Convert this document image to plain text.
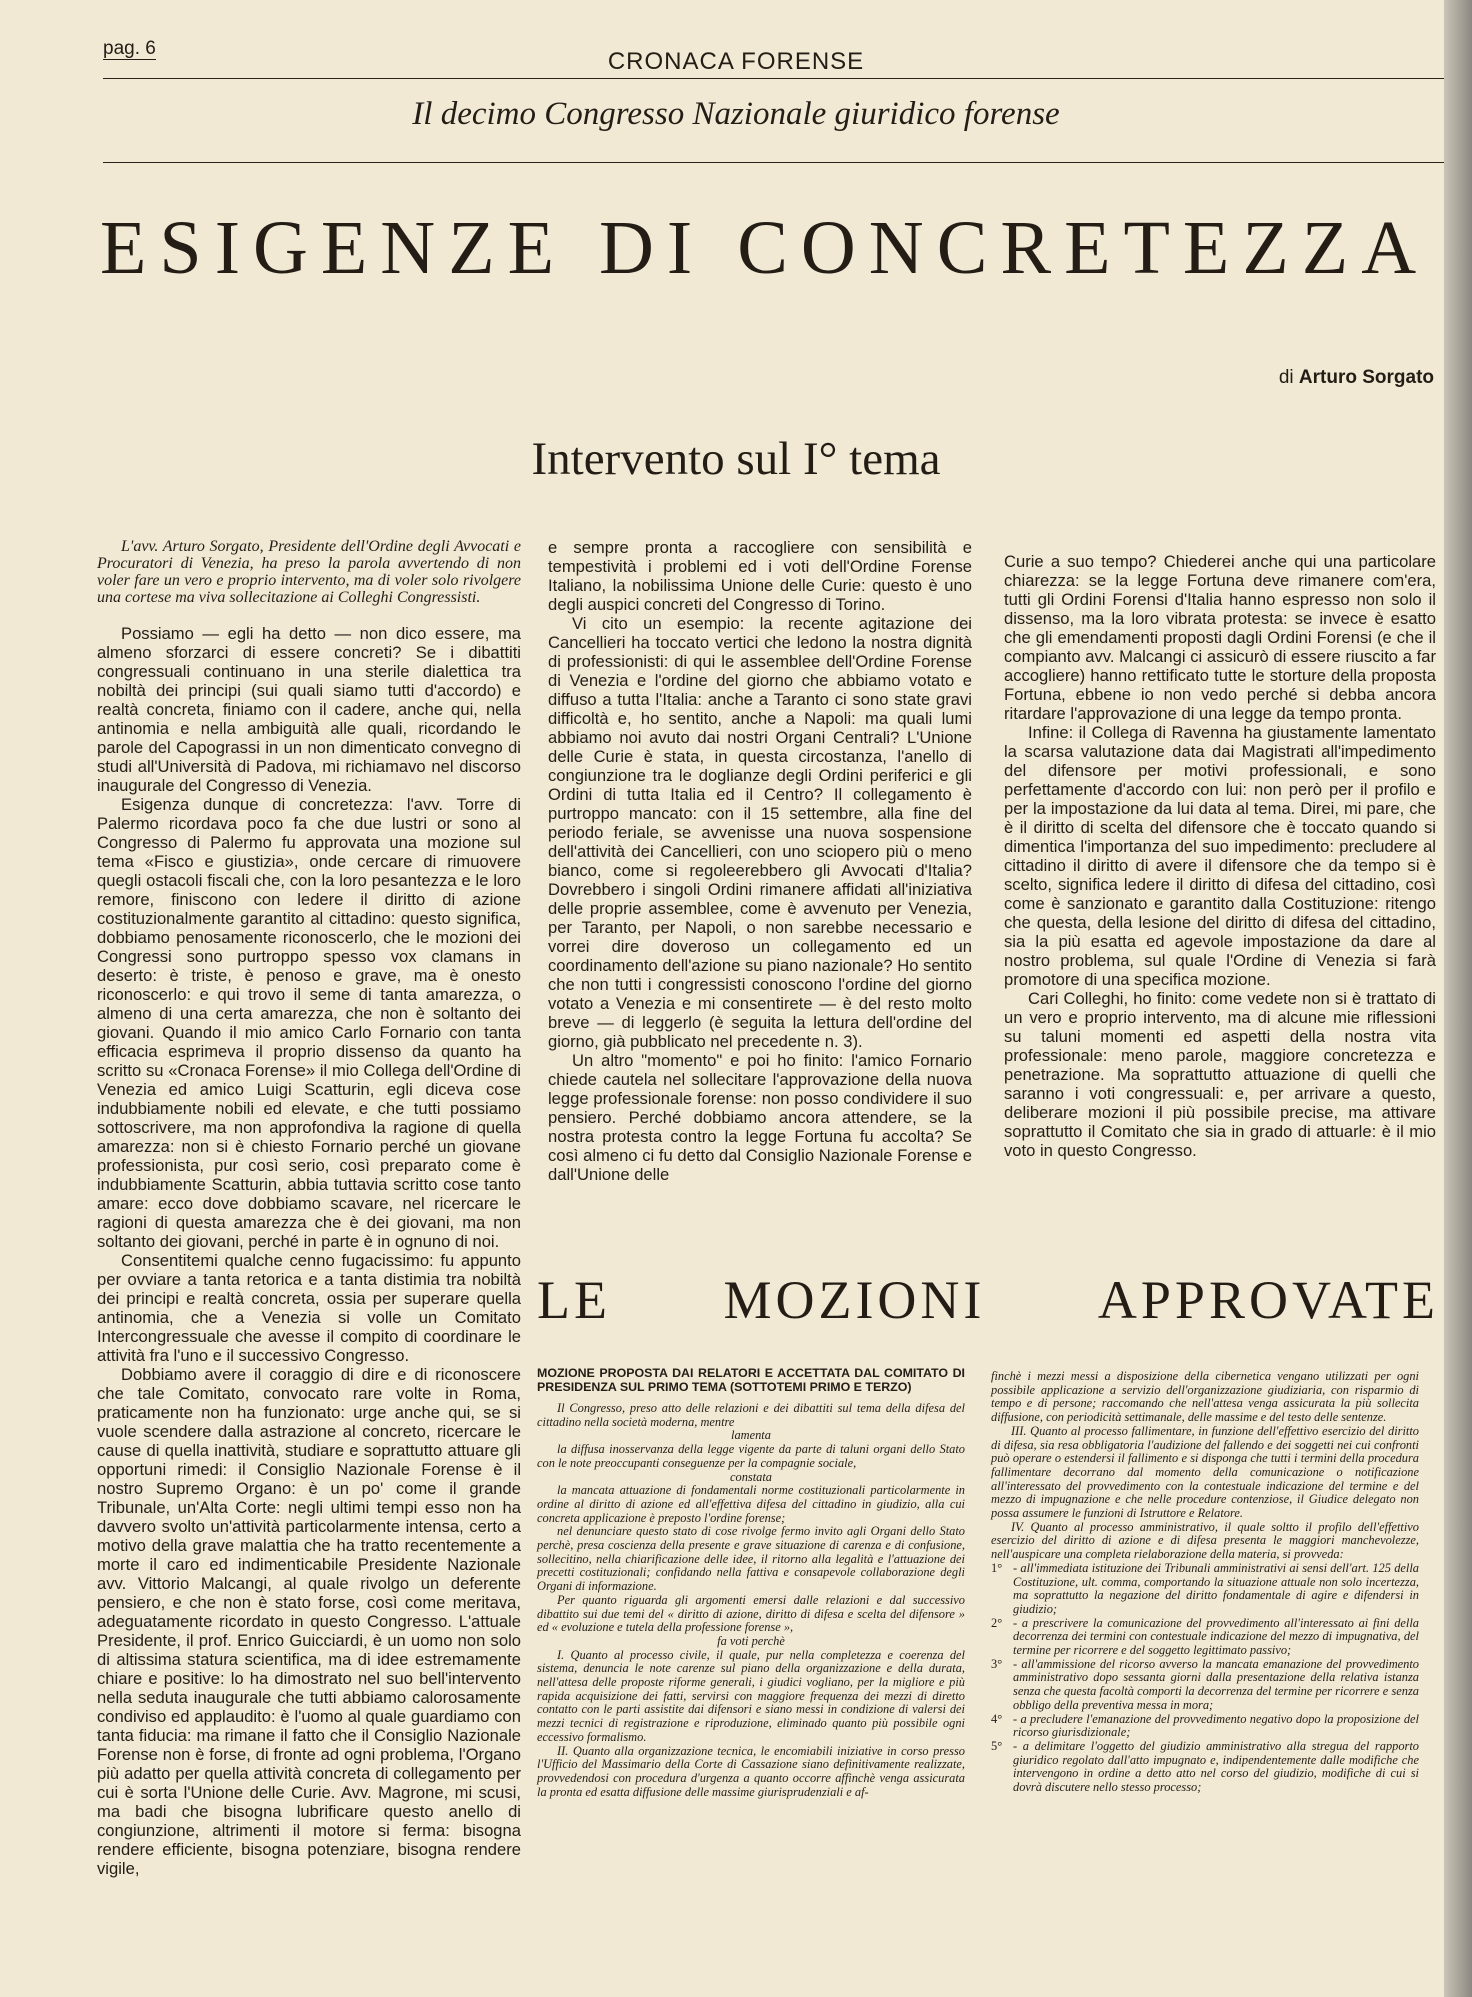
pag. 6	CRONACA FORENSE
Il decimo Congresso Nazionale giuridico forense
ESIGENZE DI CONCRETEZZA
di Arturo Sorgato
Intervento sul I° tema

L'avv. Arturo Sorgato, Presidente dell'Ordine degli Avvocati e Procuratori di Venezia, ha preso la parola avvertendo di non voler fare un vero e proprio intervento, ma di voler solo rivolgere una cortese ma viva sollecitazione ai Colleghi Congressisti.

Possiamo — egli ha detto — non dico essere, ma almeno sforzarci di essere concreti? Se i dibattiti congressuali continuano in una sterile dialettica tra nobiltà dei principi (sui quali siamo tutti d'accordo) e realtà concreta, finiamo con il cadere, anche qui, nella antinomia e nella ambiguità alle quali, ricordando le parole del Capograssi in un non dimenticato convegno di studi all'Università di Padova, mi richiamavo nel discorso inaugurale del Congresso di Venezia.

Esigenza dunque di concretezza: l'avv. Torre di Palermo ricordava poco fa che due lustri or sono al Congresso di Palermo fu approvata una mozione sul tema «Fisco e giustizia», onde cercare di rimuovere quegli ostacoli fiscali che, con la loro pesantezza e le loro remore, finiscono con ledere il diritto di azione costituzionalmente garantito al cittadino: questo significa, dobbiamo penosamente riconoscerlo, che le mozioni dei Congressi sono purtroppo spesso vox clamans in deserto: è triste, è penoso e grave, ma è onesto riconoscerlo: e qui trovo il seme di tanta amarezza, o almeno di una certa amarezza, che non è soltanto dei giovani. Quando il mio amico Carlo Fornario con tanta efficacia esprimeva il proprio dissenso da quanto ha scritto su «Cronaca Forense» il mio Collega dell'Ordine di Venezia ed amico Luigi Scatturin, egli diceva cose indubbiamente nobili ed elevate, e che tutti possiamo sottoscrivere, ma non approfondiva la ragione di quella amarezza: non si è chiesto Fornario perché un giovane professionista, pur così serio, così preparato come è indubbiamente Scatturin, abbia tuttavia scritto cose tanto amare: ecco dove dobbiamo scavare, nel ricercare le ragioni di questa amarezza che è dei giovani, ma non soltanto dei giovani, perché in parte è in ognuno di noi.

Consentitemi qualche cenno fugacissimo: fu appunto per ovviare a tanta retorica e a tanta distimia tra nobiltà dei principi e realtà concreta, ossia per superare quella antinomia, che a Venezia si volle un Comitato Intercongressuale che avesse il compito di coordinare le attività fra l'uno e il successivo Congresso.

Dobbiamo avere il coraggio di dire e di riconoscere che tale Comitato, convocato rare volte in Roma, praticamente non ha funzionato: urge anche qui, se si vuole scendere dalla astrazione al concreto, ricercare le cause di quella inattività, studiare e soprattutto attuare gli opportuni rimedi: il Consiglio Nazionale Forense è il nostro Supremo Organo: è un po' come il grande Tribunale, un'Alta Corte: negli ultimi tempi esso non ha davvero svolto un'attività particolarmente intensa, certo a motivo della grave malattia che ha tratto recentemente a morte il caro ed indimenticabile Presidente Nazionale avv. Vittorio Malcangi, al quale rivolgo un deferente pensiero, e che non è stato forse, così come meritava, adeguatamente ricordato in questo Congresso. L'attuale Presidente, il prof. Enrico Guicciardi, è un uomo non solo di altissima statura scientifica, ma di idee estremamente chiare e positive: lo ha dimostrato nel suo bell'intervento nella seduta inaugurale che tutti abbiamo calorosamente condiviso ed applaudito: è l'uomo al quale guardiamo con tanta fiducia: ma rimane il fatto che il Consiglio Nazionale Forense non è forse, di fronte ad ogni problema, l'Organo più adatto per quella attività concreta di collegamento per cui è sorta l'Unione delle Curie. Avv. Magrone, mi scusi, ma badi che bisogna lubrificare questo anello di congiunzione, altrimenti il motore si ferma: bisogna rendere efficiente, bisogna potenziare, bisogna rendere vigile,

e sempre pronta a raccogliere con sensibilità e tempestività i problemi ed i voti dell'Ordine Forense Italiano, la nobilissima Unione delle Curie: questo è uno degli auspici concreti del Congresso di Torino.

Vi cito un esempio: la recente agitazione dei Cancellieri ha toccato vertici che ledono la nostra dignità di professionisti: di qui le assemblee dell'Ordine Forense di Venezia e l'ordine del giorno che abbiamo votato e diffuso a tutta l'Italia: anche a Taranto ci sono state gravi difficoltà e, ho sentito, anche a Napoli: ma quali lumi abbiamo noi avuto dai nostri Organi Centrali? L'Unione delle Curie è stata, in questa circostanza, l'anello di congiunzione tra le doglianze degli Ordini periferici e gli Ordini di tutta Italia ed il Centro? Il collegamento è purtroppo mancato: con il 15 settembre, alla fine del periodo feriale, se avvenisse una nuova sospensione dell'attività dei Cancellieri, con uno sciopero più o meno bianco, come si regoleerebbero gli Avvocati d'Italia? Dovrebbero i singoli Ordini rimanere affidati all'iniziativa delle proprie assemblee, come è avvenuto per Venezia, per Taranto, per Napoli, o non sarebbe necessario e vorrei dire doveroso un collegamento ed un coordinamento dell'azione su piano nazionale? Ho sentito che non tutti i congressisti conoscono l'ordine del giorno votato a Venezia e mi consentirete — è del resto molto breve — di leggerlo (è seguita la lettura dell'ordine del giorno, già pubblicato nel precedente n. 3).

Un altro "momento" e poi ho finito: l'amico Fornario chiede cautela nel sollecitare l'approvazione della nuova legge professionale forense: non posso condividere il suo pensiero. Perché dobbiamo ancora attendere, se la nostra protesta contro la legge Fortuna fu accolta? Se così almeno ci fu detto dal Consiglio Nazionale Forense e dall'Unione delle

Curie a suo tempo? Chiederei anche qui una particolare chiarezza: se la legge Fortuna deve rimanere com'era, tutti gli Ordini Forensi d'Italia hanno espresso non solo il dissenso, ma la loro vibrata protesta: se invece è esatto che gli emendamenti proposti dagli Ordini Forensi (e che il compianto avv. Malcangi ci assicurò di essere riuscito a far accogliere) hanno rettificato tutte le storture della proposta Fortuna, ebbene io non vedo perché si debba ancora ritardare l'approvazione di una legge da tempo pronta.

Infine: il Collega di Ravenna ha giustamente lamentato la scarsa valutazione data dai Magistrati all'impedimento del difensore per motivi professionali, e sono perfettamente d'accordo con lui: non però per il profilo e per la impostazione da lui data al tema. Direi, mi pare, che è il diritto di scelta del difensore che è toccato quando si dimentica l'importanza del suo impedimento: precludere al cittadino il diritto di avere il difensore che da tempo si è scelto, significa ledere il diritto di difesa del cittadino, così come è sanzionato e garantito dalla Costituzione: ritengo che questa, della lesione del diritto di difesa del cittadino, sia la più esatta ed agevole impostazione da dare al nostro problema, sul quale l'Ordine di Venezia si farà promotore di una specifica mozione.

Cari Colleghi, ho finito: come vedete non si è trattato di un vero e proprio intervento, ma di alcune mie riflessioni su taluni momenti ed aspetti della nostra vita professionale: meno parole, maggiore concretezza e penetrazione. Ma soprattutto attuazione di quelli che saranno i voti congressuali: e, per arrivare a questo, deliberare mozioni il più possibile precise, ma attivare soprattutto il Comitato che sia in grado di attuarle: è il mio voto in questo Congresso.

LE MOZIONI APPROVATE

MOZIONE PROPOSTA DAI RELATORI E ACCETTATA DAL COMITATO DI PRESIDENZA SUL PRIMO TEMA (SOTTOTEMI PRIMO E TERZO)

Il Congresso, preso atto delle relazioni e dei dibattiti sul tema della difesa del cittadino nella società moderna, mentre

lamenta

la diffusa inosservanza della legge vigente da parte di taluni organi dello Stato con le note preoccupanti conseguenze per la compagnie sociale,

constata

la mancata attuazione di fondamentali norme costituzionali particolarmente in ordine al diritto di azione ed all'effettiva difesa del cittadino in giudizio, alla cui concreta applicazione è preposto l'ordine forense;

nel denunciare questo stato di cose rivolge fermo invito agli Organi dello Stato perchè, presa coscienza della presente e grave situazione di carenza e di confusione, sollecitino, nella chiarificazione delle idee, il ritorno alla legalità e l'attuazione dei precetti costituzionali; confidando nella fattiva e consapevole collaborazione degli Organi di informazione.

Per quanto riguarda gli argomenti emersi dalle relazioni e dal successivo dibattito sui due temi del « diritto di azione, diritto di difesa e scelta del difensore » ed « evoluzione e tutela della professione forense »,

fa voti perchè

I. Quanto al processo civile, il quale, pur nella completezza e coerenza del sistema, denuncia le note carenze sul piano della organizzazione e della durata, nell'attesa delle proposte riforme generali, i giudici vogliano, per la migliore e più rapida acquisizione dei fatti, servirsi con maggiore frequenza dei mezzi di diretto contatto con le parti assistite dai difensori e siano messi in condizione di valersi dei mezzi tecnici di registrazione e riproduzione, eliminado quanto più possibile ogni eccessivo formalismo.

II. Quanto alla organizzazione tecnica, le encomiabili iniziative in corso presso l'Ufficio del Massimario della Corte di Cassazione siano definitivamente realizzate, provvedendosi con procedura d'urgenza a quanto occorre affinchè venga assicurata la pronta ed esatta diffusione delle massime giurisprudenziali e af-

finchè i mezzi messi a disposizione della cibernetica vengano utilizzati per ogni possibile applicazione a servizio dell'organizzazione giudiziaria, con risparmio di tempo e di persone; raccomando che nell'attesa venga assicurata la più sollecita diffusione, con periodicità settimanale, delle massime e del testo delle sentenze.

III. Quanto al processo fallimentare, in funzione dell'effettivo esercizio del diritto di difesa, sia resa obbligatoria l'audizione del fallendo e dei soggetti nei cui confronti può operare o estendersi il fallimento e si disponga che tutti i termini della procedura fallimentare decorrano dal momento della comunicazione o notificazione all'interessato del provvedimento con la contestuale indicazione del termine e del mezzo di impugnazione e che nelle procedure contenziose, il Giudice delegato non possa assumere le funzioni di Istruttore e Relatore.

IV. Quanto al processo amministrativo, il quale soltto il profilo dell'effettivo esercizio del diritto di azione e di difesa presenta le maggiori manchevolezze, nell'auspicare una completa rielaborazione della materia, si provveda:

1° - all'immediata istituzione dei Tribunali amministrativi ai sensi dell'art. 125 della Costituzione, ult. comma, comportando la situazione attuale non solo incertezza, ma soprattutto la negazione del diritto fondamentale di agire e difendersi in giudizio;

2° - a prescrivere la comunicazione del provvedimento all'interessato ai fini della decorrenza dei termini con contestuale indicazione del mezzo di impugnativa, del termine per ricorrere e del soggetto legittimato passivo;

3° - all'ammissione del ricorso avverso la mancata emanazione del provvedimento amministrativo dopo sessanta giorni dalla presentazione della relativa istanza senza che questa facoltà comporti la decorrenza del termine per ricorrere e senza obbligo della preventiva messa in mora;

4° - a precludere l'emanazione del provvedimento negativo dopo la proposizione del ricorso giurisdizionale;

5° - a delimitare l'oggetto del giudizio amministrativo alla stregua del rapporto giuridico regolato dall'atto impugnato e, indipendentemente dalle modifiche che intervengono in ordine a detto atto nel corso del giudizio, modifiche di cui si dovrà discutere nello stesso processo;
